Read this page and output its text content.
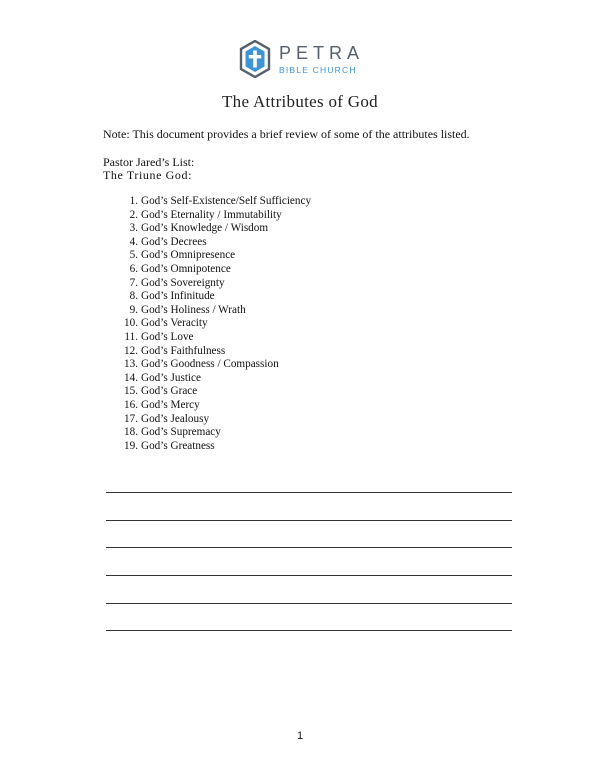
PETRA
BIBLE CHURCH
The Attributes of God
Note: This document provides a brief review of some of the attributes listed.
Pastor Jared’s List:
The Triune God:
1. God’s Self-Existence/Self Sufficiency
2. God’s Eternality / Immutability
3. God’s Knowledge / Wisdom
4. God’s Decrees
5. God’s Omnipresence
6. God’s Omnipotence
7. God’s Sovereignty
8. God’s Infinitude
9. God’s Holiness / Wrath
10. God’s Veracity
11. God’s Love
12. God’s Faithfulness
13. God’s Goodness / Compassion
14. God’s Justice
15. God’s Grace
16. God’s Mercy
17. God’s Jealousy
18. God’s Supremacy
19. God’s Greatness
1
